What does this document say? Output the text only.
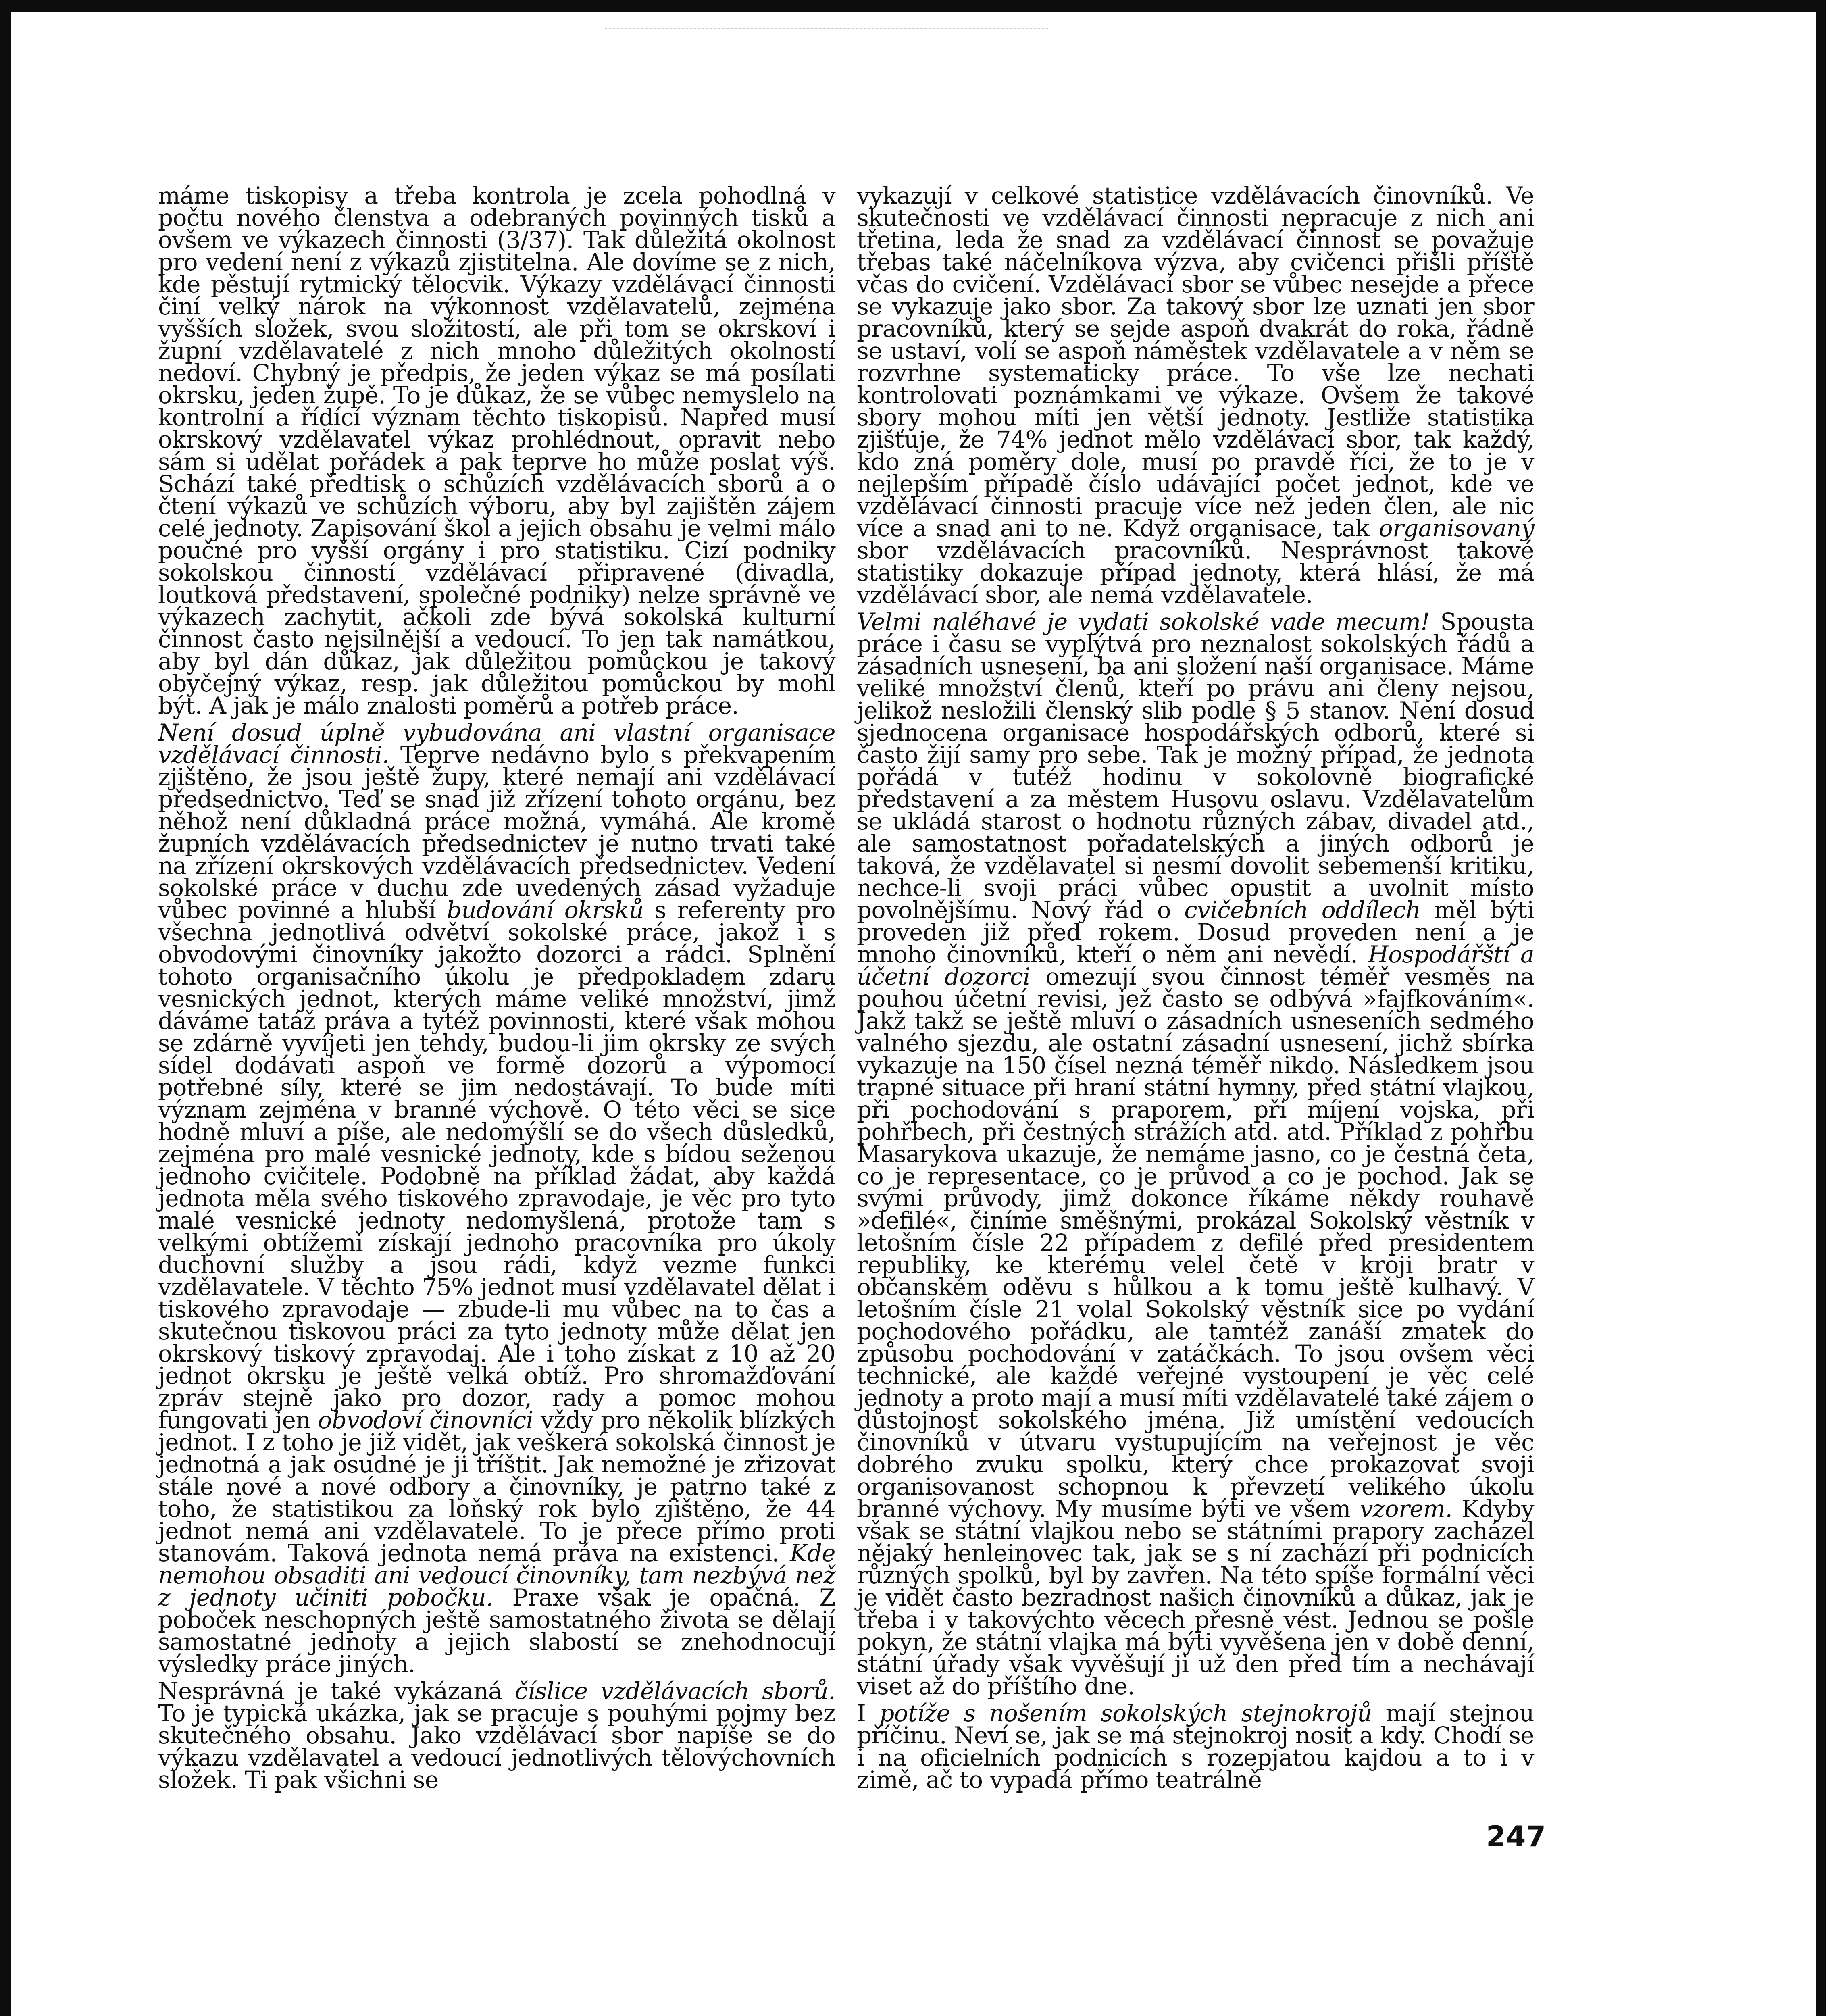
máme tiskopisy a třeba kontrola je zcela pohodlná v počtu nového členstva a odebraných povinných tisků a ovšem ve výkazech činnosti (3/37). Tak důležitá okolnost pro vedení není z výkazů zjistitelna. Ale dovíme se z nich, kde pěstují rytmický tělocvik. Výkazy vzdělávací činnosti činí velký nárok na výkonnost vzdělavatelů, zejména vyšších složek, svou složitostí, ale při tom se okrskoví i župní vzdělavatelé z nich mnoho důležitých okolností nedoví. Chybný je předpis, že jeden výkaz se má posílati okrsku, jeden župě. To je důkaz, že se vůbec nemyslelo na kontrolní a řídící význam těchto tiskopisů. Napřed musí okrskový vzdělavatel výkaz prohlédnout, opravit nebo sám si udělat pořádek a pak teprve ho může poslat výš. Schází také předtisk o schůzích vzdělávacích sborů a o čtení výkazů ve schůzích výboru, aby byl zajištěn zájem celé jednoty. Zapisování škol a jejich obsahu je velmi málo poučné pro vyšší orgány i pro statistiku. Cizí podniky sokolskou činností vzdělávací připravené (divadla, loutková představení, společné podniky) nelze správně ve výkazech zachytit, ačkoli zde bývá sokolská kulturní činnost často nejsilnější a vedoucí. To jen tak namátkou, aby byl dán důkaz, jak důležitou pomůckou je takový obyčejný výkaz, resp. jak důležitou pomůckou by mohl být. A jak je málo znalosti poměrů a potřeb práce.

Není dosud úplně vybudována ani vlastní organisace vzdělávací činnosti. Teprve nedávno bylo s překvapením zjištěno, že jsou ještě župy, které nemají ani vzdělávací předsednictvo. Teď se snad již zřízení tohoto orgánu, bez něhož není důkladná práce možná, vymáhá. Ale kromě župních vzdělávacích předsednictev je nutno trvati také na zřízení okrskových vzdělávacích předsednictev. Vedení sokolské práce v duchu zde uvedených zásad vyžaduje vůbec povinné a hlubší budování okrsků s referenty pro všechna jednotlivá odvětví sokolské práce, jakož i s obvodovými činovníky jakožto dozorci a rádci. Splnění tohoto organisačního úkolu je předpokladem zdaru vesnických jednot, kterých máme veliké množství, jimž dáváme tatáž práva a tytéž povinnosti, které však mohou se zdárně vyvíjeti jen tehdy, budou-li jim okrsky ze svých sídel dodávati aspoň ve formě dozorů a výpomocí potřebné síly, které se jim nedostávají. To bude míti význam zejména v branné výchově. O této věci se sice hodně mluví a píše, ale nedomýšlí se do všech důsledků, zejména pro malé vesnické jednoty, kde s bídou seženou jednoho cvičitele. Podobně na příklad žádat, aby každá jednota měla svého tiskového zpravodaje, je věc pro tyto malé vesnické jednoty nedomyšlená, protože tam s velkými obtížemi získají jednoho pracovníka pro úkoly duchovní služby a jsou rádi, když vezme funkci vzdělavatele. V těchto 75% jednot musí vzdělavatel dělat i tiskového zpravodaje — zbude-li mu vůbec na to čas a skutečnou tiskovou práci za tyto jednoty může dělat jen okrskový tiskový zpravodaj. Ale i toho získat z 10 až 20 jednot okrsku je ještě velká obtíž. Pro shromažďování zpráv stejně jako pro dozor, rady a pomoc mohou fungovati jen obvodoví činovníci vždy pro několik blízkých jednot. I z toho je již vidět, jak veškerá sokolská činnost je jednotná a jak osudné je ji tříštit. Jak nemožné je zřizovat stále nové a nové odbory a činovníky, je patrno také z toho, že statistikou za loňský rok bylo zjištěno, že 44 jednot nemá ani vzdělavatele. To je přece přímo proti stanovám. Taková jednota nemá práva na existenci. Kde nemohou obsaditi ani vedoucí činovníky, tam nezbývá než z jednoty učiniti pobočku. Praxe však je opačná. Z poboček neschopných ještě samostatného života se dělají samostatné jednoty a jejich slabostí se znehodnocují výsledky práce jiných.

Nesprávná je také vykázaná číslice vzdělávacích sborů. To je typická ukázka, jak se pracuje s pouhými pojmy bez skutečného obsahu. Jako vzdělávací sbor napíše se do výkazu vzdělavatel a vedoucí jednotlivých tělovýchovních složek. Ti pak všichni se

vykazují v celkové statistice vzdělávacích činovníků. Ve skutečnosti ve vzdělávací činnosti nepracuje z nich ani třetina, leda že snad za vzdělávací činnost se považuje třebas také náčelníkova výzva, aby cvičenci přišli příště včas do cvičení. Vzdělávací sbor se vůbec nesejde a přece se vykazuje jako sbor. Za takový sbor lze uznati jen sbor pracovníků, který se sejde aspoň dvakrát do roka, řádně se ustaví, volí se aspoň náměstek vzdělavatele a v něm se rozvrhne systematicky práce. To vše lze nechati kontrolovati poznámkami ve výkaze. Ovšem že takové sbory mohou míti jen větší jednoty. Jestliže statistika zjišťuje, že 74% jednot mělo vzdělávací sbor, tak každý, kdo zná poměry dole, musí po pravdě říci, že to je v nejlepším případě číslo udávající počet jednot, kde ve vzdělávací činnosti pracuje více než jeden člen, ale nic více a snad ani to ne. Když organisace, tak organisovaný sbor vzdělávacích pracovníků. Nesprávnost takové statistiky dokazuje případ jednoty, která hlásí, že má vzdělávací sbor, ale nemá vzdělavatele.

Velmi naléhavé je vydati sokolské vade mecum! Spousta práce i času se vyplýtvá pro neznalost sokolských řádů a zásadních usnesení, ba ani složení naší organisace. Máme veliké množství členů, kteří po právu ani členy nejsou, jelikož nesložili členský slib podle § 5 stanov. Není dosud sjednocena organisace hospodářských odborů, které si často žijí samy pro sebe. Tak je možný případ, že jednota pořádá v tutéž hodinu v sokolovně biografické představení a za městem Husovu oslavu. Vzdělavatelům se ukládá starost o hodnotu různých zábav, divadel atd., ale samostatnost pořadatelských a jiných odborů je taková, že vzdělavatel si nesmí dovolit sebemenší kritiku, nechce-li svoji práci vůbec opustit a uvolnit místo povolnějšímu. Nový řád o cvičebních oddílech měl býti proveden již před rokem. Dosud proveden není a je mnoho činovníků, kteří o něm ani nevědí. Hospodářští a účetní dozorci omezují svou činnost téměř vesměs na pouhou účetní revisi, jež často se odbývá »fajfkováním«. Jakž takž se ještě mluví o zásadních usneseních sedmého valného sjezdu, ale ostatní zásadní usnesení, jichž sbírka vykazuje na 150 čísel nezná téměř nikdo. Následkem jsou trapné situace při hraní státní hymny, před státní vlajkou, při pochodování s praporem, při míjení vojska, při pohřbech, při čestných strážích atd. atd. Příklad z pohřbu Masarykova ukazuje, že nemáme jasno, co je čestná četa, co je representace, co je průvod a co je pochod. Jak se svými průvody, jimž dokonce říkáme někdy rouhavě »defilé«, činíme směšnými, prokázal Sokolský věstník v letošním čísle 22 případem z defilé před presidentem republiky, ke kterému velel četě v kroji bratr v občanském oděvu s hůlkou a k tomu ještě kulhavý. V letošním čísle 21 volal Sokolský věstník sice po vydání pochodového pořádku, ale tamtéž zanáší zmatek do způsobu pochodování v zatáčkách. To jsou ovšem věci technické, ale každé veřejné vystoupení je věc celé jednoty a proto mají a musí míti vzdělavatelé také zájem o důstojnost sokolského jména. Již umístění vedoucích činovníků v útvaru vystupujícím na veřejnost je věc dobrého zvuku spolku, který chce prokazovat svoji organisovanost schopnou k převzetí velikého úkolu branné výchovy. My musíme býti ve všem vzorem. Kdyby však se státní vlajkou nebo se státními prapory zacházel nějaký henleinovec tak, jak se s ní zachází při podnicích různých spolků, byl by zavřen. Na této spíše formální věci je vidět často bezradnost našich činovníků a důkaz, jak je třeba i v takovýchto věcech přesně vést. Jednou se pošle pokyn, že státní vlajka má býti vyvěšena jen v době denní, státní úřady však vyvěšují ji už den před tím a nechávají viset až do příštího dne.

I potíže s nošením sokolských stejnokrojů mají stejnou příčinu. Neví se, jak se má stejnokroj nosit a kdy. Chodí se i na oficielních podnicích s rozepjatou kajdou a to i v zimě, ač to vypadá přímo teatrálně

247
